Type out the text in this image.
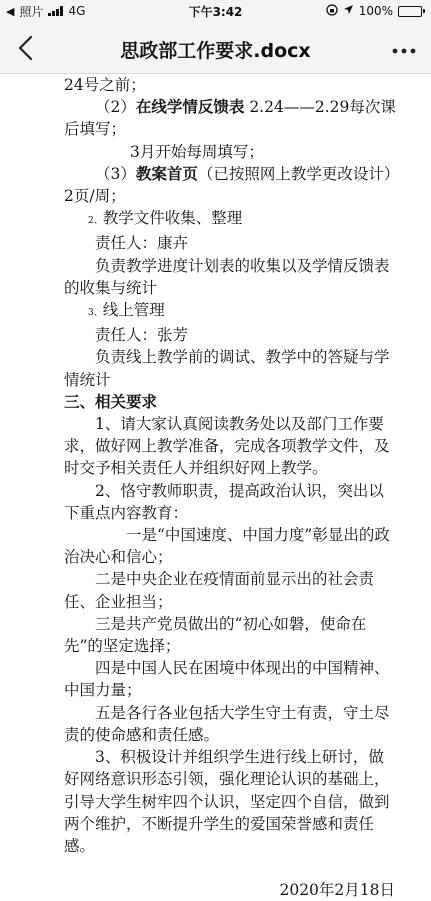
◀ 照片 4G	下午3:42	100%
思政部工作要求.docx

24号之前；

（2）在线学情反馈表 2.24——2.29每次课后填写；

3月开始每周填写；

（3）教案首页（已按照网上教学更改设计）2页/周；

2、教学文件收集、整理

责任人：康卉

负责教学进度计划表的收集以及学情反馈表的收集与统计

3、线上管理

责任人：张芳

负责线上教学前的调试、教学中的答疑与学情统计

三、相关要求

1、请大家认真阅读教务处以及部门工作要求，做好网上教学准备，完成各项教学文件，及时交予相关责任人并组织好网上教学。

2、恪守教师职责，提高政治认识，突出以下重点内容教育：

一是“中国速度、中国力度”彰显出的政治决心和信心；

二是中央企业在疫情面前显示出的社会责任、企业担当；

三是共产党员做出的“初心如磐，使命在先”的坚定选择；

四是中国人民在困境中体现出的中国精神、中国力量；

五是各行各业包括大学生守土有责，守土尽责的使命感和责任感。

3、积极设计并组织学生进行线上研讨，做好网络意识形态引领，强化理论认识的基础上，引导大学生树牢四个认识，坚定四个自信，做到两个维护，不断提升学生的爱国荣誉感和责任感。

2020年2月18日
